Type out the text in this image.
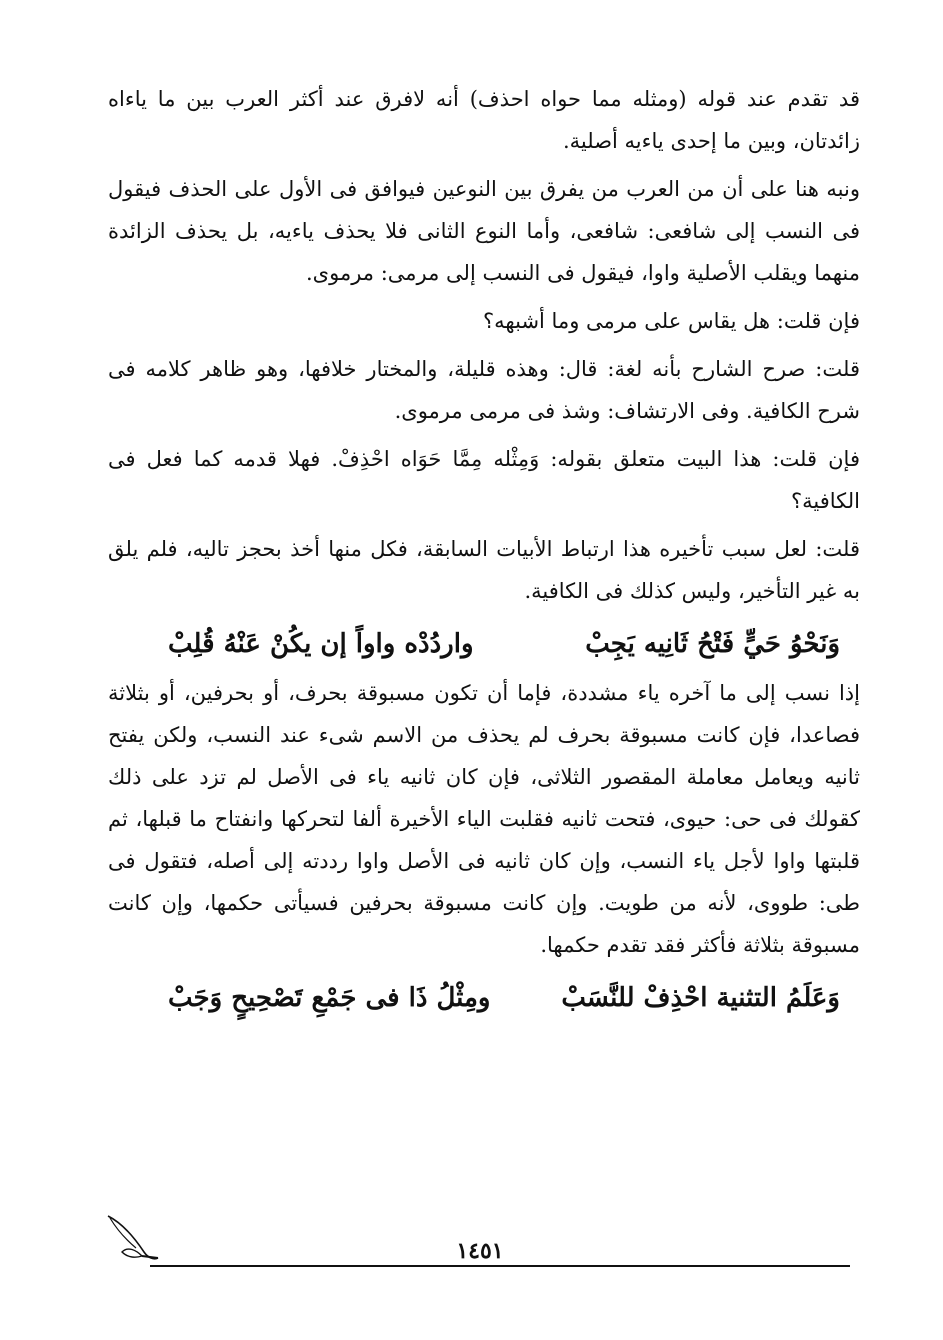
قد تقدم عند قوله (ومثله مما حواه احذف) أنه لافرق عند أكثر العرب بين ما ياءاه زائدتان، وبين ما إحدى ياءيه أصلية.

ونبه هنا على أن من العرب من يفرق بين النوعين فيوافق فى الأول على الحذف فيقول فى النسب إلى شافعى: شافعى، وأما النوع الثانى فلا يحذف ياءيه، بل يحذف الزائدة منهما ويقلب الأصلية واوا، فيقول فى النسب إلى مرمى: مرموى.

فإن قلت: هل يقاس على مرمى وما أشبهه؟

قلت: صرح الشارح بأنه لغة: قال: وهذه قليلة، والمختار خلافها، وهو ظاهر كلامه فى شرح الكافية. وفى الارتشاف: وشذ فى مرمى مرموى.

فإن قلت: هذا البيت متعلق بقوله: وَمِثْله مِمَّا حَوَاه احْذِفْ. فهلا قدمه كما فعل فى الكافية؟

قلت: لعل سبب تأخيره هذا ارتباط الأبيات السابقة، فكل منها أخذ بحجز تاليه، فلم يلق به غير التأخير، وليس كذلك فى الكافية.

وَنَحْوُ حَيٍّ فَتْحُ ثَانِيه يَجِبْ
واردُدْه واواً إن يكُنْ عَنْهُ قُلِبْ

إذا نسب إلى ما آخره ياء مشددة، فإما أن تكون مسبوقة بحرف، أو بحرفين، أو بثلاثة فصاعدا، فإن كانت مسبوقة بحرف لم يحذف من الاسم شىء عند النسب، ولكن يفتح ثانيه ويعامل معاملة المقصور الثلاثى، فإن كان ثانيه ياء فى الأصل لم تزد على ذلك كقولك فى حى: حيوى، فتحت ثانيه فقلبت الياء الأخيرة ألفا لتحركها وانفتاح ما قبلها، ثم قلبتها واوا لأجل ياء النسب، وإن كان ثانيه فى الأصل واوا رددته إلى أصله، فتقول فى طى: طووى، لأنه من طويت. وإن كانت مسبوقة بحرفين فسيأتى حكمها، وإن كانت مسبوقة بثلاثة فأكثر فقد تقدم حكمها.

وَعَلَمُ التثنية احْذِفْ للنَّسَبْ
ومِثْلُ ذَا فى جَمْعِ تَصْحِيحٍ وَجَبْ
١٤٥١
